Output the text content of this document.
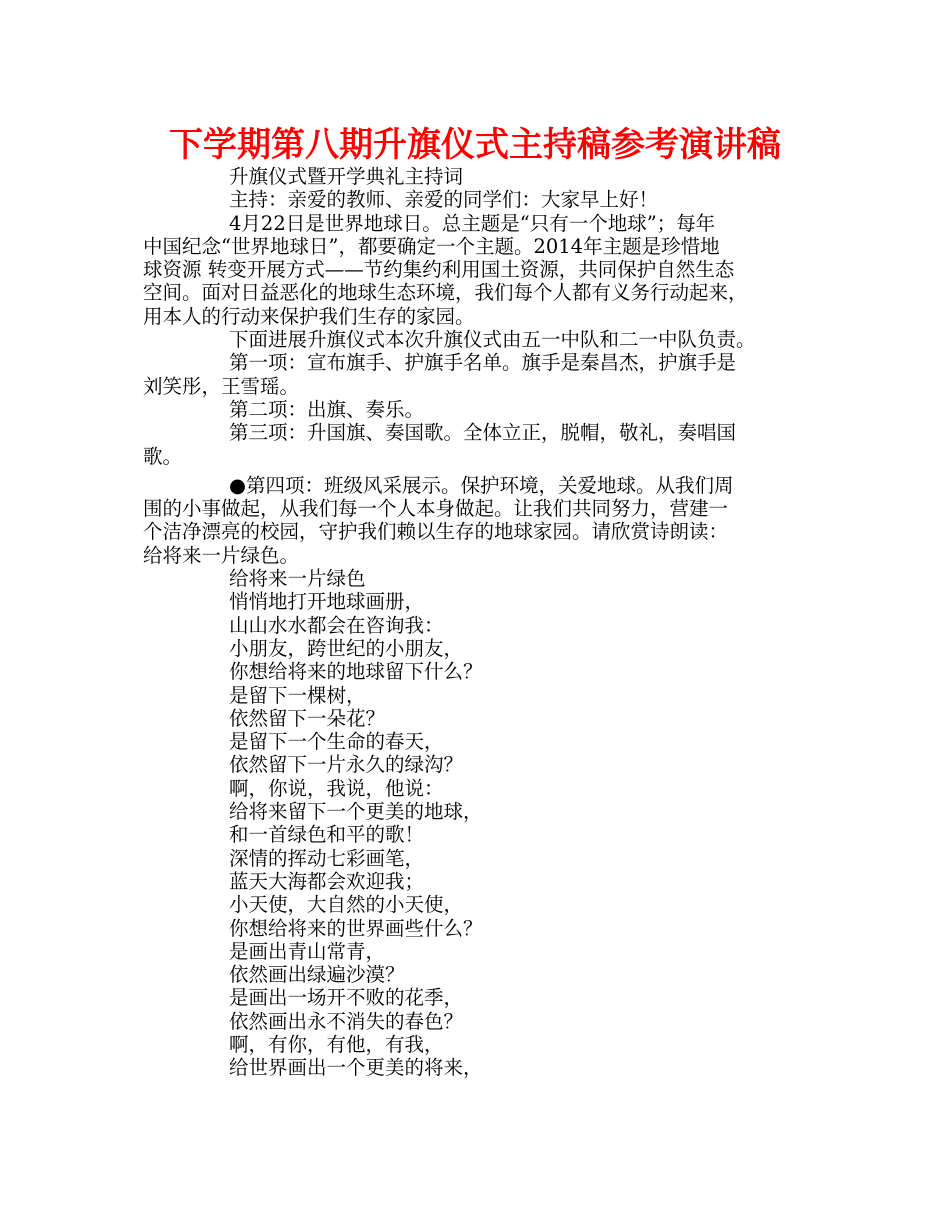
下学期第八期升旗仪式主持稿参考演讲稿
升旗仪式暨开学典礼主持词
主持：亲爱的教师、亲爱的同学们：大家早上好！
4月22日是世界地球日。总主题是“只有一个地球”；每年
中国纪念“世界地球日”，都要确定一个主题。2014年主题是珍惜地
球资源 转变开展方式——节约集约利用国土资源，共同保护自然生态
空间。面对日益恶化的地球生态环境，我们每个人都有义务行动起来，
用本人的行动来保护我们生存的家园。
下面进展升旗仪式本次升旗仪式由五一中队和二一中队负责。
第一项：宣布旗手、护旗手名单。旗手是秦昌杰，护旗手是
刘笑彤，王雪瑶。
第二项：出旗、奏乐。
第三项：升国旗、奏国歌。全体立正，脱帽，敬礼，奏唱国
歌。
●第四项：班级风采展示。保护环境，关爱地球。从我们周
围的小事做起，从我们每一个人本身做起。让我们共同努力，营建一
个洁净漂亮的校园，守护我们赖以生存的地球家园。请欣赏诗朗读：
给将来一片绿色。
给将来一片绿色
悄悄地打开地球画册，
山山水水都会在咨询我：
小朋友，跨世纪的小朋友，
你想给将来的地球留下什么？
是留下一棵树，
依然留下一朵花？
是留下一个生命的春天，
依然留下一片永久的绿沟？
啊，你说，我说，他说：
给将来留下一个更美的地球，
和一首绿色和平的歌！
深情的挥动七彩画笔，
蓝天大海都会欢迎我；
小天使，大自然的小天使，
你想给将来的世界画些什么？
是画出青山常青，
依然画出绿遍沙漠？
是画出一场开不败的花季，
依然画出永不消失的春色？
啊，有你，有他，有我，
给世界画出一个更美的将来，
